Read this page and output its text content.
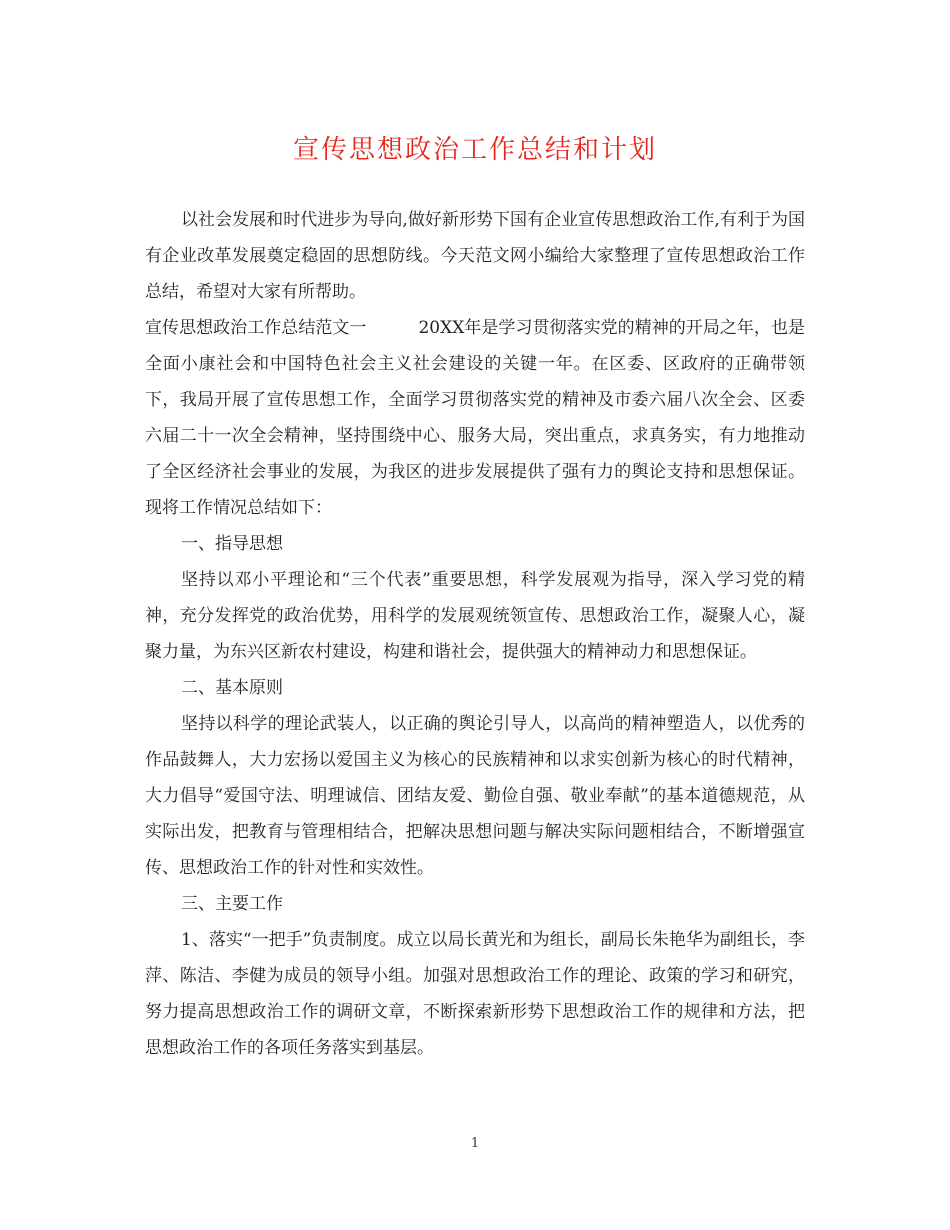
宣传思想政治工作总结和计划

以社会发展和时代进步为导向,做好新形势下国有企业宣传思想政治工作,有利于为国有企业改革发展奠定稳固的思想防线。今天范文网小编给大家整理了宣传思想政治工作总结，希望对大家有所帮助。

宣传思想政治工作总结范文一	20XX年是学习贯彻落实党的精神的开局之年，也是全面小康社会和中国特色社会主义社会建设的关键一年。在区委、区政府的正确带领下，我局开展了宣传思想工作，全面学习贯彻落实党的精神及市委六届八次全会、区委六届二十一次全会精神，坚持围绕中心、服务大局，突出重点，求真务实，有力地推动了全区经济社会事业的发展，为我区的进步发展提供了强有力的舆论支持和思想保证。现将工作情况总结如下：

一、指导思想

坚持以邓小平理论和“三个代表”重要思想，科学发展观为指导，深入学习党的精神，充分发挥党的政治优势，用科学的发展观统领宣传、思想政治工作，凝聚人心，凝聚力量，为东兴区新农村建设，构建和谐社会，提供强大的精神动力和思想保证。

二、基本原则

坚持以科学的理论武装人，以正确的舆论引导人，以高尚的精神塑造人，以优秀的作品鼓舞人，大力宏扬以爱国主义为核心的民族精神和以求实创新为核心的时代精神，大力倡导“爱国守法、明理诚信、团结友爱、勤俭自强、敬业奉献”的基本道德规范，从实际出发，把教育与管理相结合，把解决思想问题与解决实际问题相结合，不断增强宣传、思想政治工作的针对性和实效性。

三、主要工作

1、落实“一把手”负责制度。成立以局长黄光和为组长，副局长朱艳华为副组长，李萍、陈洁、李健为成员的领导小组。加强对思想政治工作的理论、政策的学习和研究，努力提高思想政治工作的调研文章，不断探索新形势下思想政治工作的规律和方法，把思想政治工作的各项任务落实到基层。

1
